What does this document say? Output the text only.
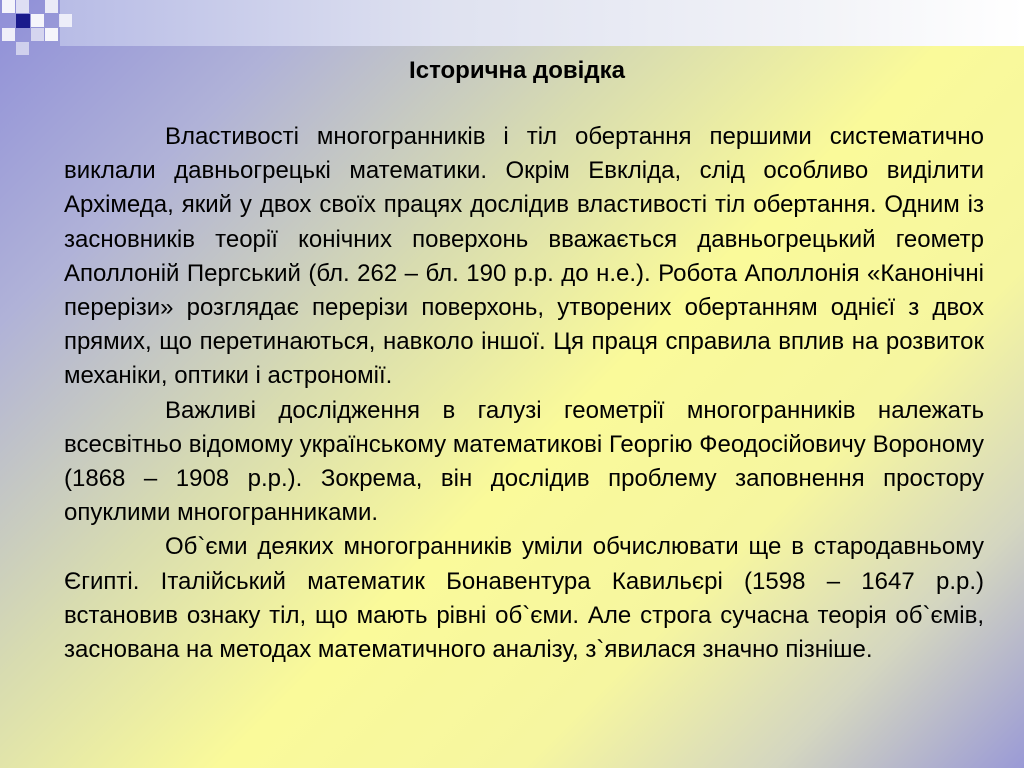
Історична довідка

Властивості многогранників і тіл обертання першими систематично виклали давньогрецькі математики. Окрім Евкліда, слід особливо виділити Архімеда, який у двох своїх працях дослідив властивості тіл обертання. Одним із засновників теорії конічних поверхонь вважається давньогрецький геометр Аполлоній Пергський (бл. 262 – бл. 190 р.р. до н.е.). Робота Аполлонія «Канонічні перерізи» розглядає перерізи поверхонь, утворених обертанням однієї з двох прямих, що перетинаються, навколо іншої. Ця праця справила вплив на розвиток механіки, оптики і астрономії.

Важливі дослідження в галузі геометрії многогранників належать всесвітньо відомому українському математикові Георгію Феодосійовичу Вороному (1868 – 1908 р.р.). Зокрема, він дослідив проблему заповнення простору опуклими многогранниками.

Об`єми деяких многогранників уміли обчислювати ще в стародавньому Єгипті. Італійський математик Бонавентура Кавильєрі (1598 – 1647 р.р.) встановив ознаку тіл, що мають рівні об`єми. Але строга сучасна теорія об`ємів, заснована на методах математичного аналізу, з`явилася значно пізніше.
